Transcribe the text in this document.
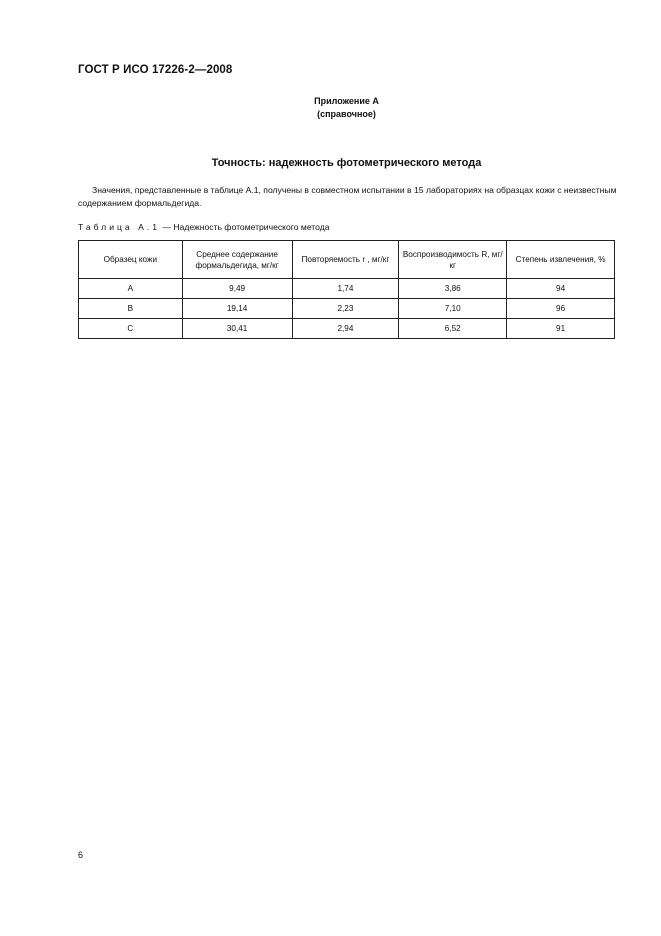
ГОСТ Р ИСО 17226-2—2008
Приложение А
(справочное)
Точность: надежность фотометрического метода
Значения, представленные в таблице А.1, получены в совместном испытании в 15 лабораториях на образцах кожи с неизвестным содержанием формальдегида.
Таблица А.1 — Надежность фотометрического метода
Образец кожи	Среднее содержание формальдегида, мг/кг	Повторяемость r , мг/кг	Воспроизводимость R, мг/кг	Степень извлечения, %
А	9,49	1,74	3,86	94
В	19,14	2,23	7,10	96
С	30,41	2,94	6,52	91
6
